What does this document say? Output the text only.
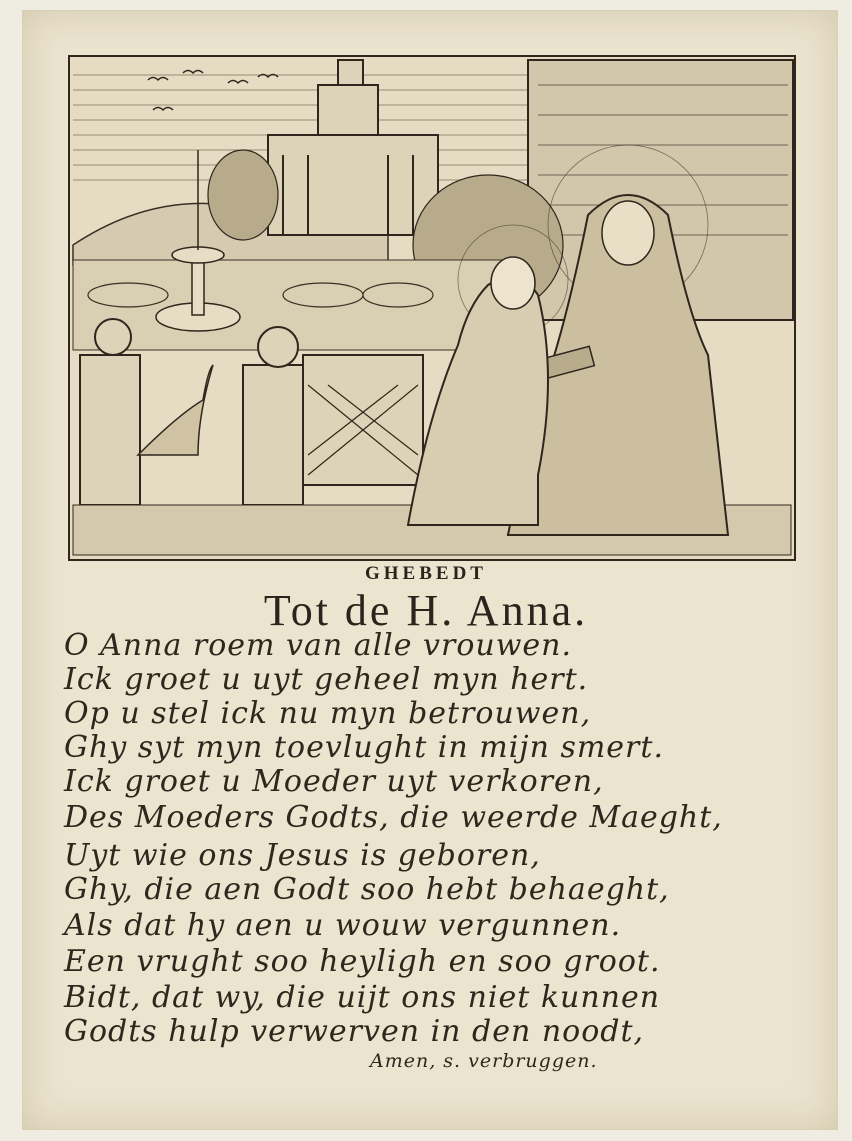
GHEBEDT
Tot de H. Anna.
O Anna roem van alle vrouwen.
Ick groet u uyt geheel myn hert.
Op u stel ick nu myn betrouwen,
Ghy syt myn toevlught in mijn smert.
Ick groet u Moeder uyt verkoren,
Des Moeders Godts, die weerde Maeght,
Uyt wie ons Jesus is geboren,
Ghy, die aen Godt soo hebt behaeght,
Als dat hy aen u wouw vergunnen.
Een vrught soo heyligh en soo groot.
Bidt, dat wy, die uijt ons niet kunnen
Godts hulp verwerven in den noodt,
Amen, s. verbruggen.
